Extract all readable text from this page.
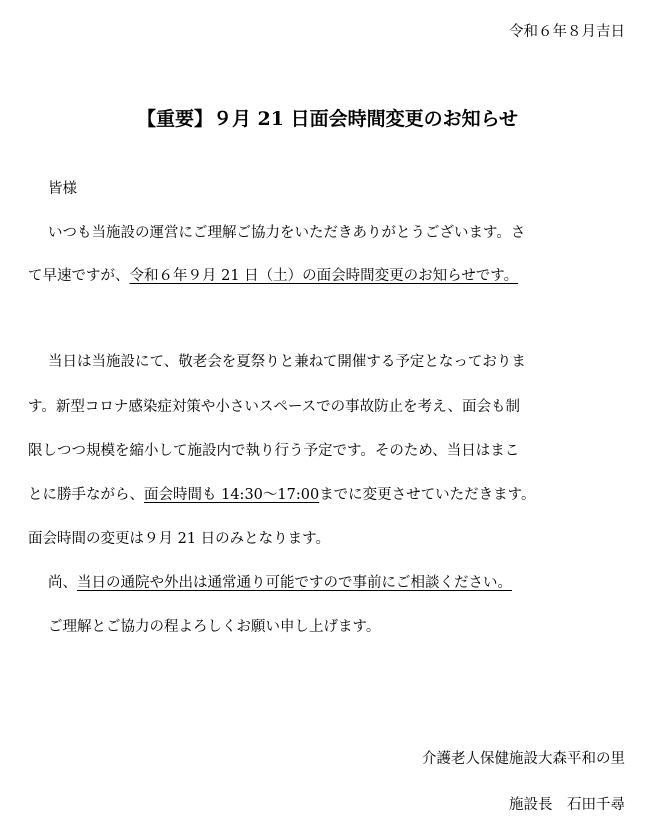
令和６年８月吉日
【重要】９月 21 日面会時間変更のお知らせ
皆様
いつも当施設の運営にご理解ご協力をいただきありがとうございます。さ
て早速ですが、令和６年９月 21 日（土）の面会時間変更のお知らせです。
当日は当施設にて、敬老会を夏祭りと兼ねて開催する予定となっておりま
す。新型コロナ感染症対策や小さいスペースでの事故防止を考え、面会も制
限しつつ規模を縮小して施設内で執り行う予定です。そのため、当日はまこ
とに勝手ながら、面会時間も 14:30～17:00までに変更させていただきます。
面会時間の変更は９月 21 日のみとなります。
尚、当日の通院や外出は通常通り可能ですので事前にご相談ください。
ご理解とご協力の程よろしくお願い申し上げます。
介護老人保健施設大森平和の里
施設長　石田千尋
